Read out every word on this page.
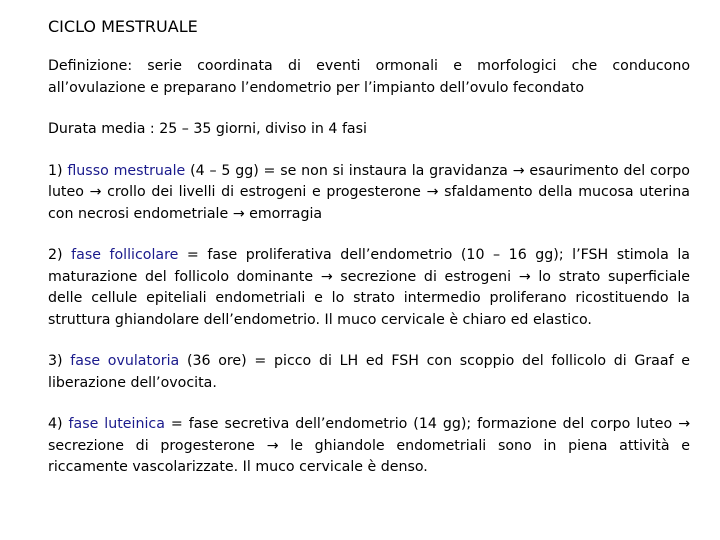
CICLO MESTRUALE

Definizione: serie coordinata di eventi ormonali e morfologici che conducono all’ovulazione e preparano l’endometrio per l’impianto dell’ovulo fecondato

Durata media : 25 – 35 giorni, diviso in 4 fasi

1) flusso mestruale (4 – 5 gg) = se non si instaura la gravidanza → esaurimento del corpo luteo → crollo dei livelli di estrogeni e progesterone → sfaldamento della mucosa uterina con necrosi endometriale → emorragia

2) fase follicolare = fase proliferativa dell’endometrio (10 – 16 gg); l’FSH stimola la maturazione del follicolo dominante → secrezione di estrogeni → lo strato superficiale delle cellule epiteliali endometriali e lo strato intermedio proliferano ricostituendo la struttura ghiandolare dell’endometrio. Il muco cervicale è chiaro ed elastico.

3) fase ovulatoria (36 ore) = picco di LH ed FSH con scoppio del follicolo di Graaf e liberazione dell’ovocita.

4) fase luteinica = fase secretiva dell’endometrio (14 gg); formazione del corpo luteo → secrezione di progesterone → le ghiandole endometriali sono in piena attività e riccamente vascolarizzate. Il muco cervicale è denso.
